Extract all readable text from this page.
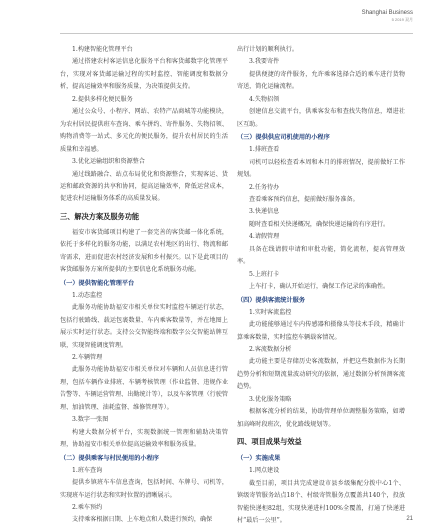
Shanghai Business
5 2019 双月

1.构建智能化管理平台

通过搭建农村客运信息化服务平台和客货邮数字化管理平台，实现对客货邮运输过程的实时监控、智能调度和数据分析，提高运输效率和服务质量，为决策提供支持。

2.提供多样化便民服务

通过公众号、小程序、网站、农特产品商城等功能模块，为农村居民提供班车查询、乘车拼约、寄件服务、失物招领、购物消费等一站式、多元化的便民服务，提升农村居民的生活质量和幸福感。

3.优化运输组织和资源整合

通过线路融合、站点布局优化和资源整合，实现客运、货运和邮政资源的共享和协同，提高运输效率，降低运营成本，促进农村运输服务体系的高质量发展。

三、解决方案及服务功能

福安市客货邮项目构建了一套完善的客货邮一体化系统，依托于多样化的服务功能，以满足农村地区的出行、物流和邮寄需求，进而促进农村经济发展和乡村振兴。以下是此项目的客货邮服务方案所提供的主要信息化系统服务功能。

（一）提供智能化管理平台

1.动态监控

此服务功能协助福安市相关单位实时监控车辆运行状态，包括行驶路线、载运包裹数量、车内乘客数量等，并在地图上展示实时运行状态。支持公交智能终端和数字公交智能站牌互联，实现智能调度管理。

2.车辆管理

此服务功能协助福安市相关单位对车辆和人员信息进行管理，包括车辆作业排班、车辆考核管理（作业监督、违规作业告警等、车辆运营管理、出勤统计等），以及车客管理（行驶管理、加油管理、油耗监督、维修管理等）。

3.数字一张图

构建大数据分析平台，实现数据统一管理和辅助决策管理，协助福安市相关单位提高运输效率和服务质量。

（二）提供乘客与村民便用的小程序

1.班车查询

提供乡镇班车车信息查询，包括时间、车牌号、司机等，实现班车运行状态和实时位置的清晰展示。

2.乘车预约

支持乘客根据日期、上车地点和人数进行预约，确保

出行计划的顺利执行。

3.我要寄件

提供便捷的寄件服务，允许乘客选择合适的乘车进行货物寄送，简化运输流程。

4.失物招领

创建信息交流平台，供乘客发布和查找失物信息，增进社区互助。

（三）提供供应司机使用的小程序

1.排班查看

司机可以轻松查看本周和本月的排班情况，提前做好工作规划。

2.任务待办

查看乘客预约信息，提前做好服务准备。

3.快递信息

随时查看相关快递概况，确保快递运输的有序进行。

4.请假管理

具备在线请假申请和审批功能，简化流程，提高管理效率。

5.上班打卡

上车打卡，确认开始运行，确保工作记录的准确性。

（四）提供客流统计服务

1.实时客流监控

此功能能够通过车内传感器和摄像头等技术手段，精确计算乘客数量，实时监控车辆载客情况。

2.客流数据分析

此功能主要是存储历史客流数据，并把这些数据作为长期趋势分析和短期流量波动研究的依据，通过数据分析预测客流趋势。

3.优化服务策略

根据客流分析的结果，协助管理单位调整服务策略，如增加高峰时段班次，优化路线规划等。

四、项目成果与效益

（一）实施成果

1.网点建设

截至目前，项目共完成建设市县乡级集配分拨中心1个、镇级寄管服务站点18个、村级寄管服务点覆盖共140个，投放智能快递柜82组，实现快递进村100%全覆盖，打通了快递进村“最后一公里”。	21
